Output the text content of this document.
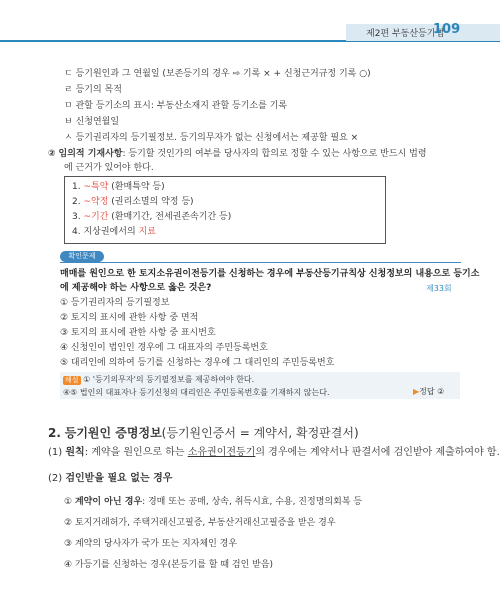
제2편 부동산등기법
109
ㄷ 등기원인과 그 연월일 (보존등기의 경우 ⇨ 기록 × + 신청근거규정 기록 ○)
ㄹ 등기의 목적
ㅁ 관할 등기소의 표시: 부동산소재지 관할 등기소를 기록
ㅂ 신청연월일
ㅅ 등기권리자의 등기필정보. 등기의무자가 없는 신청에서는 제공할 필요 ×
② 임의적 기재사항: 등기할 것인가의 여부를 당사자의 합의로 정할 수 있는 사항으로 반드시 법령
에 근거가 있어야 한다.
1. ~특약 (환매특약 등)
2. ~약정 (권리소멸의 약정 등)
3. ~기간 (환매기간, 전세권존속기간 등)
4. 지상권에서의 지료
확인문제
매매를 원인으로 한 토지소유권이전등기를 신청하는 경우에 부동산등기규칙상 신청정보의 내용으로 등기소
에 제공해야 하는 사항으로 옳은 것은?	제33회
① 등기권리자의 등기필정보
② 토지의 표시에 관한 사항 중 면적
③ 토지의 표시에 관한 사항 중 표시번호
④ 신청인이 법인인 경우에 그 대표자의 주민등록번호
⑤ 대리인에 의하여 등기를 신청하는 경우에 그 대리인의 주민등록번호
해설 ① '등기의무자'의 등기필정보를 제공하여야 한다.
④⑤ 법인의 대표자나 등기신청의 대리인은 주민등록번호를 기재하지 않는다.	▶정답 ②
2. 등기원인 증명정보(등기원인증서 = 계약서, 확정판결서)
(1) 원칙: 계약을 원인으로 하는 소유권이전등기의 경우에는 계약서나 판결서에 검인받아 제출하여야 함.
(2) 검인받을 필요 없는 경우
① 계약이 아닌 경우: 경매 또는 공매, 상속, 취득시효, 수용, 진정명의회복 등
② 토지거래허가, 주택거래신고필증, 부동산거래신고필증을 받은 경우
③ 계약의 당사자가 국가 또는 지자체인 경우
④ 가등기를 신청하는 경우(본등기를 할 때 검인 받음)
